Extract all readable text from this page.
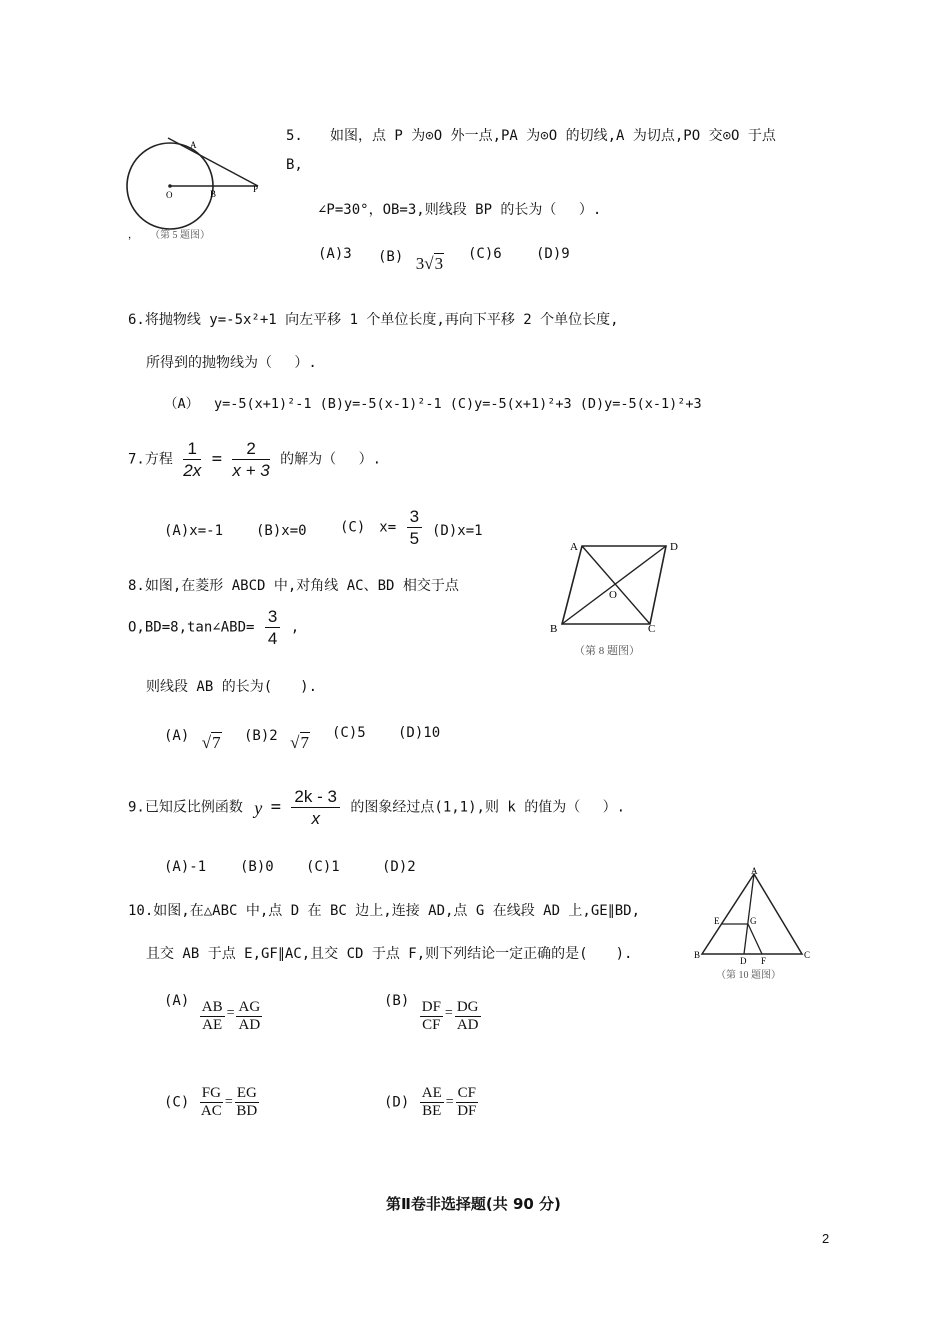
A
O	B	P
， （第 5 题图）
5. 如图，点 P 为⊙O 外一点,PA 为⊙O 的切线,A 为切点,PO 交⊙O 于点
B,
∠P=30°，OB=3,则线段 BP 的长为（　 ）.
(A)3 (B) 3√3 (C)6 (D)9
6.将抛物线 y=-5x²+1 向左平移 1 个单位长度,再向下平移 2 个单位长度,
所得到的抛物线为（　 ）.
（A）　 y=-5(x+1)²-1 (B)y=-5(x-1)²-1 (C)y=-5(x+1)²+3 (D)y=-5(x-1)²+3
7.方程 $\frac{1}{2x} = \frac{2}{x + 3}$ 的解为（　 ）.
(A)x=-1 (B)x=0 (C)　$x= \frac{3}{5} (D)x=1$
A	D
O
B	C
（第 8 题图）
8.如图,在菱形 ABCD 中,对角线 AC、BD 相交于点
O,BD=8,tan∠ABD= $\frac{3}{4}$ ,
则线段 AB 的长为(　　).
(A) √7 (B)2 √7 (C)5 (D)10
9.已知反比例函数 $y = \frac{2k - 3}{x}$ 的图象经过点(1,1),则 k 的值为（　 ）.
(A)-1 (B)0 (C)1	(D)2	A
E	G
B
D F
C
（第 10 题图）
10.如图,在△ABC 中,点 D 在 BC 边上,连接 AD,点 G 在线段 AD 上,GE∥BD,
且交 AB 于点 E,GF∥AC,且交 CD 于点 F,则下列结论一定正确的是(　　).
$(A) \frac{AB}{AE} = \frac{AG}{AD}$	$(B) \frac{DF}{CF} = \frac{DG}{AD}$
$(C) \frac{FG}{AC} = \frac{EG}{BD}$	$(D) \frac{AE}{BE} = \frac{CF}{DF}$
第Ⅱ卷非选择题(共 90 分)
2
